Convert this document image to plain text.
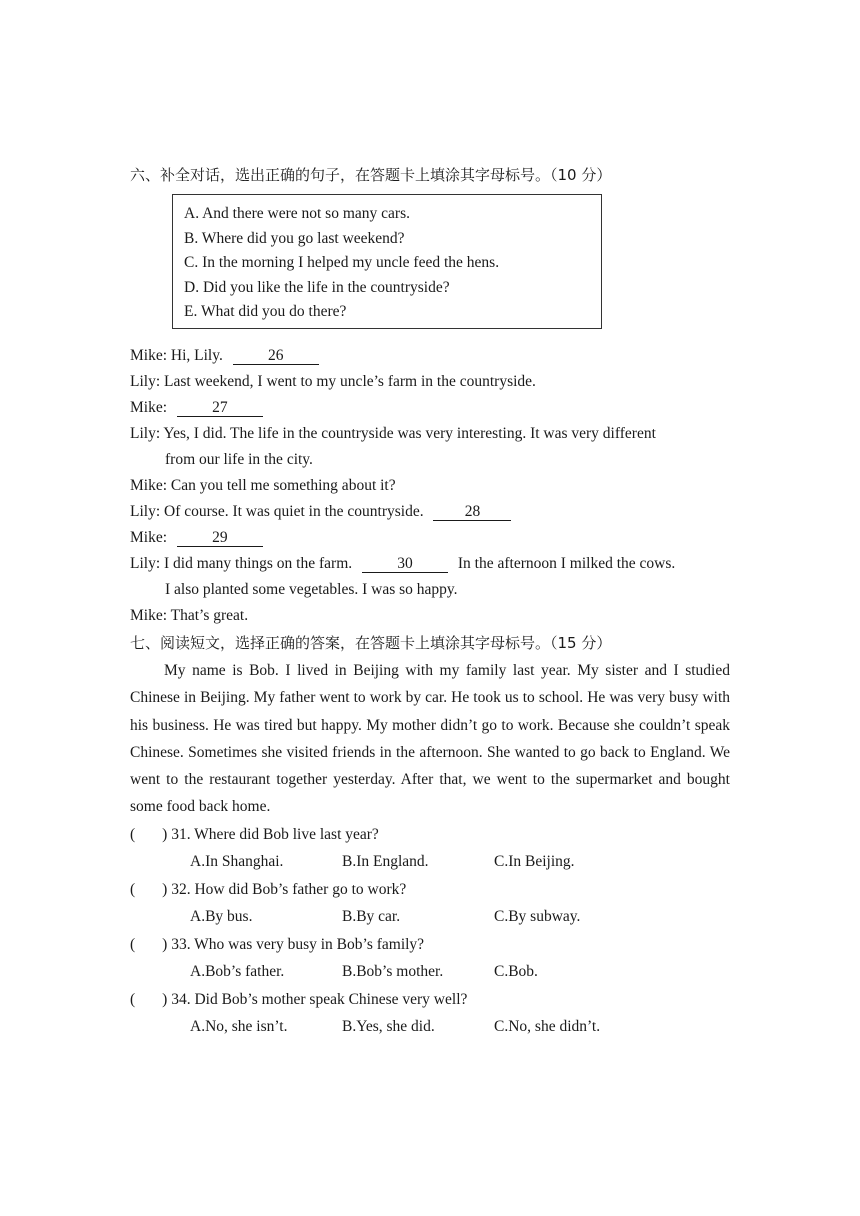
六、补全对话，选出正确的句子，在答题卡上填涂其字母标号。（10 分）
A. And there were not so many cars.
B. Where did you go last weekend?
C. In the morning I helped my uncle feed the hens.
D. Did you like the life in the countryside?
E. What did you do there?
Mike: Hi, Lily.	26
Lily: Last weekend, I went to my uncle’s farm in the countryside.
Mike:	27
Lily: Yes, I did. The life in the countryside was very interesting. It was very different
from our life in the city.
Mike: Can you tell me something about it?
Lily: Of course. It was quiet in the countryside.	28
Mike:	29
Lily: I did many things on the farm.	30	In the afternoon I milked the cows.
I also planted some vegetables. I was so happy.
Mike: That’s great.
七、阅读短文，选择正确的答案，在答题卡上填涂其字母标号。（15 分）

My name is Bob. I lived in Beijing with my family last year. My sister and I studied Chinese in Beijing. My father went to work by car. He took us to school. He was very busy with his business. He was tired but happy. My mother didn’t go to work. Because she couldn’t speak Chinese. Sometimes she visited friends in the afternoon. She wanted to go back to England. We went to the restaurant together yesterday. After that, we went to the supermarket and bought some food back home.

( ) 31. Where did Bob live last year?
A.In Shanghai.	B.In England.	C.In Beijing.
( ) 32. How did Bob’s father go to work?
A.By bus.	B.By car.	C.By subway.
( ) 33. Who was very busy in Bob’s family?
A.Bob’s father.	B.Bob’s mother.	C.Bob.
( ) 34. Did Bob’s mother speak Chinese very well?
A.No, she isn’t.	B.Yes, she did.	C.No, she didn’t.
